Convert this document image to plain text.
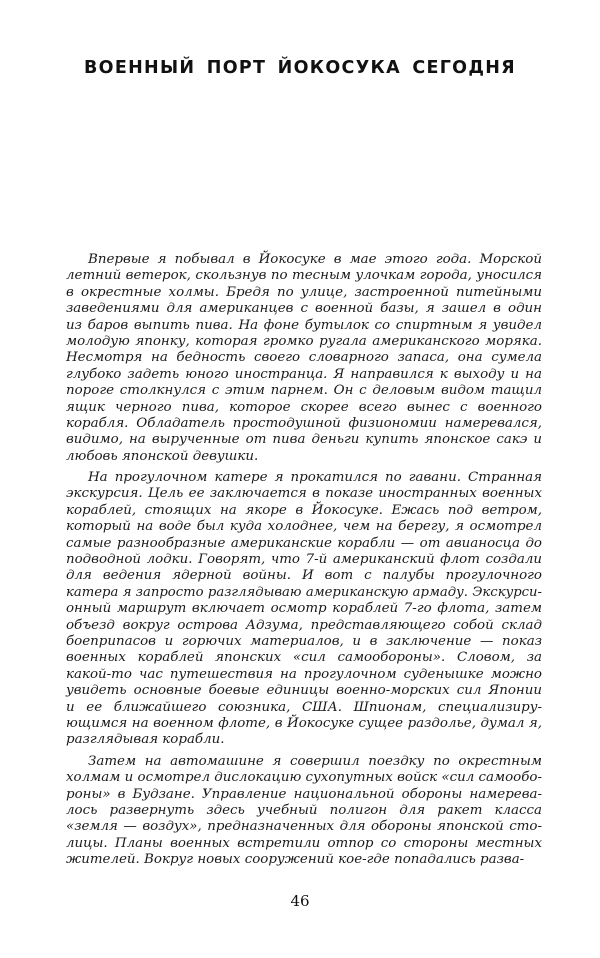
ВОЕННЫЙ ПОРТ ЙОКОСУКА СЕГОДНЯ
Впервые я побывал в Йокосуке в мае этого года. Морской
летний ветерок, скользнув по тесным улочкам города, уносился
в окрестные холмы. Бредя по улице, застроенной питейными
заведениями для американцев с военной базы, я зашел в один
из баров выпить пива. На фоне бутылок со спиртным я увидел
молодую японку, которая громко ругала американского моряка.
Несмотря на бедность своего словарного запаса, она сумела
глубоко задеть юного иностранца. Я направился к выходу и на
пороге столкнулся с этим парнем. Он с деловым видом тащил
ящик черного пива, которое скорее всего вынес с военного
корабля. Обладатель простодушной физиономии намеревался,
видимо, на вырученные от пива деньги купить японское сакэ и
любовь японской девушки.
На прогулочном катере я прокатился по гавани. Странная
экскурсия. Цель ее заключается в показе иностранных военных
кораблей, стоящих на якоре в Йокосуке. Ежась под ветром,
который на воде был куда холоднее, чем на берегу, я осмотрел
самые разнообразные американские корабли — от авианосца до
подводной лодки. Говорят, что 7-й американский флот создали
для ведения ядерной войны. И вот с палубы прогулочного
катера я запросто разглядываю американскую армаду. Экскурси-
онный маршрут включает осмотр кораблей 7-го флота, затем
объезд вокруг острова Адзума, представляющего собой склад
боеприпасов и горючих материалов, и в заключение — показ
военных кораблей японских «сил самообороны». Словом, за
какой-то час путешествия на прогулочном суденышке можно
увидеть основные боевые единицы военно-морских сил Японии
и ее ближайшего союзника, США. Шпионам, специализиру-
ющимся на военном флоте, в Йокосуке сущее раздолье, думал я,
разглядывая корабли.
Затем на автомашине я совершил поездку по окрестным
холмам и осмотрел дислокацию сухопутных войск «сил самообо-
роны» в Будзане. Управление национальной обороны намерева-
лось развернуть здесь учебный полигон для ракет класса
«земля — воздух», предназначенных для обороны японской сто-
лицы. Планы военных встретили отпор со стороны местных
жителей. Вокруг новых сооружений кое-где попадались разва-
46
